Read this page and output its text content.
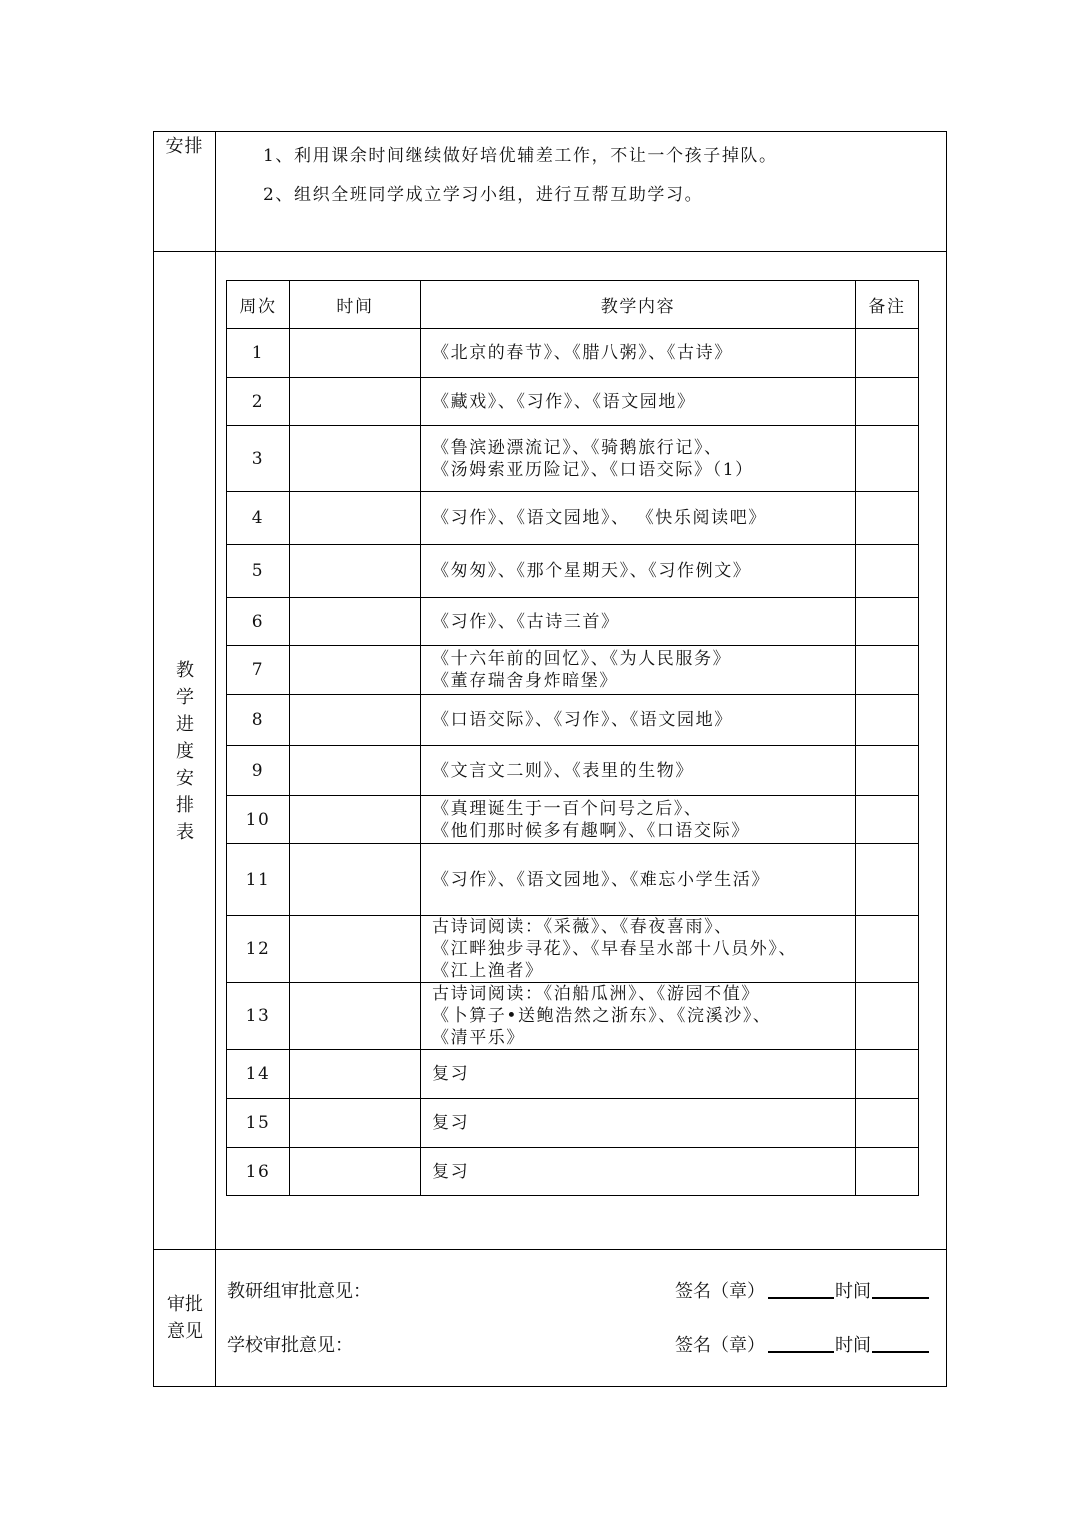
安排	1、利用课余时间继续做好培优辅差工作，不让一个孩子掉队。
2、组织全班同学成立学习小组，进行互帮互助学习。
教学进度安排表
周次	时间	教学内容	备注
1		《北京的春节》、《腊八粥》、《古诗》	

2		《藏戏》、《习作》、《语文园地》	

3		《鲁滨逊漂流记》、《骑鹅旅行记》、
《汤姆索亚历险记》、《口语交际》（1）	

4		《习作》、《语文园地》、 《快乐阅读吧》	

5		《匆匆》、《那个星期天》、《习作例文》	

6		《习作》、《古诗三首》	

7		《十六年前的回忆》、《为人民服务》
《董存瑞舍身炸暗堡》	

8		《口语交际》、《习作》、《语文园地》	

9		《文言文二则》、《表里的生物》	

10		《真理诞生于一百个问号之后》、
《他们那时候多有趣啊》、《口语交际》	

11		《习作》、《语文园地》、《难忘小学生活》	

12		古诗词阅读：《采薇》、《春夜喜雨》、
《江畔独步寻花》、《早春呈水部十八员外》、
《江上渔者》	

13		古诗词阅读：《泊船瓜洲》、《游园不值》
《卜算子•送鲍浩然之浙东》、《浣溪沙》、
《清平乐》	

14		复习	

15		复习	

16		复习	

审批意见
教研组审批意见：	签名（章）	时间
学校审批意见：	签名（章）	时间
